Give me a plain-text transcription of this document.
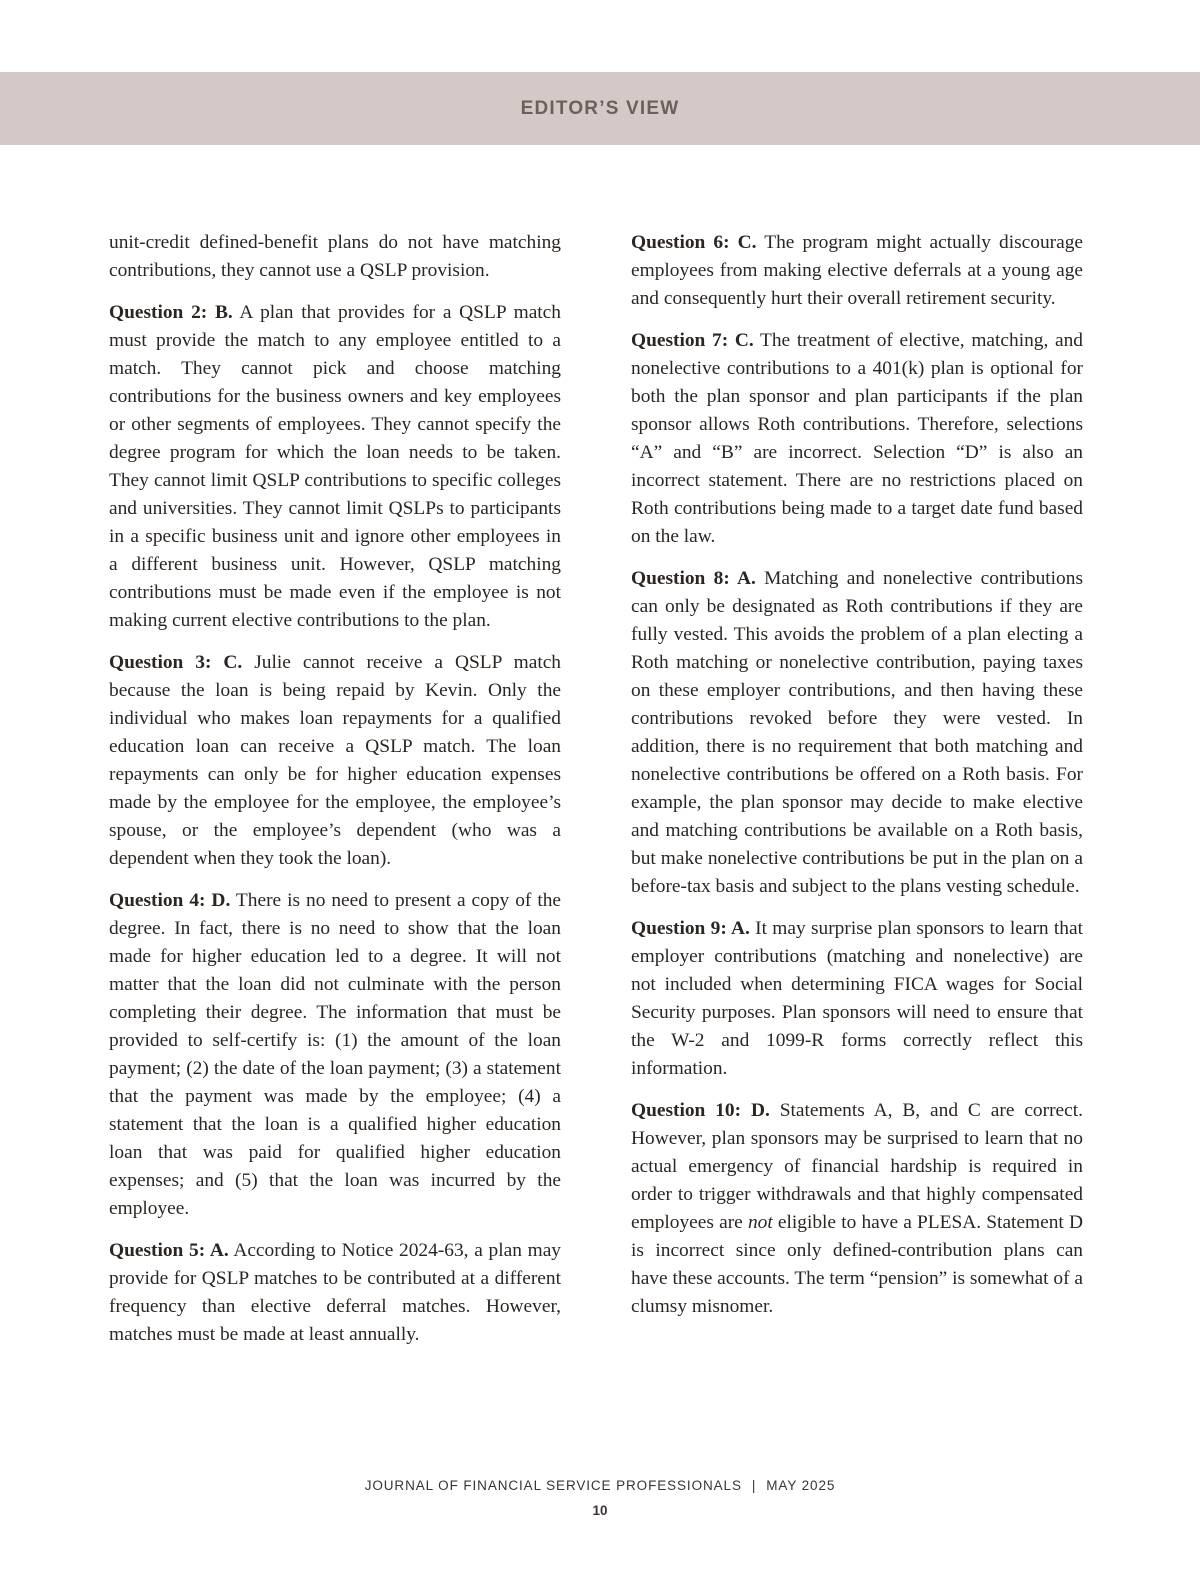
EDITOR’S VIEW

unit-credit defined-benefit plans do not have matching contributions, they cannot use a QSLP provision.

Question 2: B. A plan that provides for a QSLP match must provide the match to any employee entitled to a match. They cannot pick and choose matching contributions for the business owners and key employees or other segments of employees. They cannot specify the degree program for which the loan needs to be taken. They cannot limit QSLP contributions to specific colleges and universities. They cannot limit QSLPs to participants in a specific business unit and ignore other employees in a different business unit. However, QSLP matching contributions must be made even if the employee is not making current elective contributions to the plan.

Question 3: C. Julie cannot receive a QSLP match because the loan is being repaid by Kevin. Only the individual who makes loan repayments for a qualified education loan can receive a QSLP match. The loan repayments can only be for higher education expenses made by the employee for the employee, the employee’s spouse, or the employee’s dependent (who was a dependent when they took the loan).

Question 4: D. There is no need to present a copy of the degree. In fact, there is no need to show that the loan made for higher education led to a degree. It will not matter that the loan did not culminate with the person completing their degree. The information that must be provided to self-certify is: (1) the amount of the loan payment; (2) the date of the loan payment; (3) a statement that the payment was made by the employee; (4) a statement that the loan is a qualified higher education loan that was paid for qualified higher education expenses; and (5) that the loan was incurred by the employee.

Question 5: A. According to Notice 2024-63, a plan may provide for QSLP matches to be contributed at a different frequency than elective deferral matches. However, matches must be made at least annually.

Question 6: C. The program might actually discourage employees from making elective deferrals at a young age and consequently hurt their overall retirement security.

Question 7: C. The treatment of elective, matching, and nonelective contributions to a 401(k) plan is optional for both the plan sponsor and plan participants if the plan sponsor allows Roth contributions. Therefore, selections “A” and “B” are incorrect. Selection “D” is also an incorrect statement. There are no restrictions placed on Roth contributions being made to a target date fund based on the law.

Question 8: A. Matching and nonelective contributions can only be designated as Roth contributions if they are fully vested. This avoids the problem of a plan electing a Roth matching or nonelective contribution, paying taxes on these employer contributions, and then having these contributions revoked before they were vested. In addition, there is no requirement that both matching and nonelective contributions be offered on a Roth basis. For example, the plan sponsor may decide to make elective and matching contributions be available on a Roth basis, but make nonelective contributions be put in the plan on a before-tax basis and subject to the plans vesting schedule.

Question 9: A. It may surprise plan sponsors to learn that employer contributions (matching and nonelective) are not included when determining FICA wages for Social Security purposes. Plan sponsors will need to ensure that the W-2 and 1099-R forms correctly reflect this information.

Question 10: D. Statements A, B, and C are correct. However, plan sponsors may be surprised to learn that no actual emergency of financial hardship is required in order to trigger withdrawals and that highly compensated employees are not eligible to have a PLESA. Statement D is incorrect since only defined-contribution plans can have these accounts. The term “pension” is somewhat of a clumsy misnomer.

JOURNAL OF FINANCIAL SERVICE PROFESSIONALS | MAY 2025
10
